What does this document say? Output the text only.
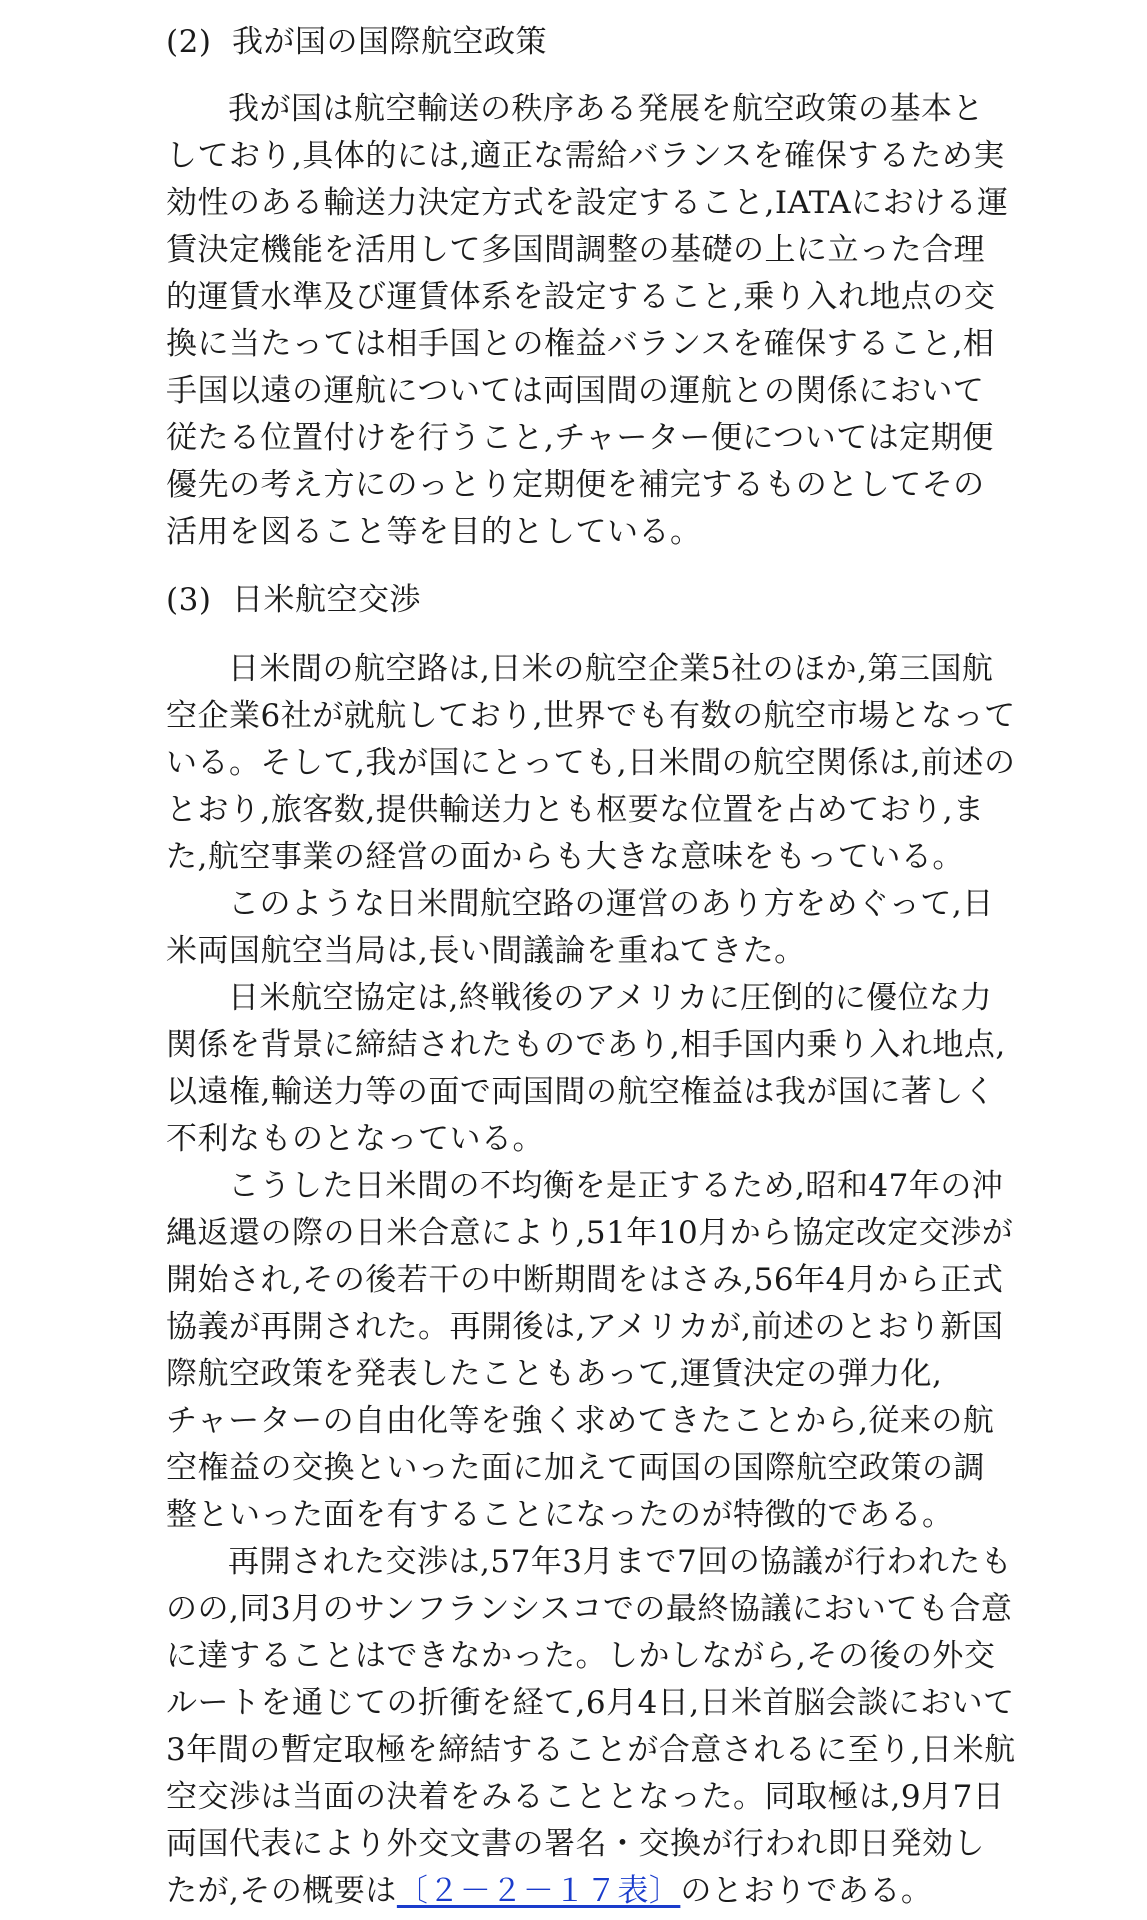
(2) 我が国の国際航空政策
我が国は航空輸送の秩序ある発展を航空政策の基本と
しており,具体的には,適正な需給バランスを確保するため実
効性のある輸送力決定方式を設定すること,IATAにおける運
賃決定機能を活用して多国間調整の基礎の上に立った合理
的運賃水準及び運賃体系を設定すること,乗り入れ地点の交
換に当たっては相手国との権益バランスを確保すること,相
手国以遠の運航については両国間の運航との関係において
従たる位置付けを行うこと,チャーター便については定期便
優先の考え方にのっとり定期便を補完するものとしてその
活用を図ること等を目的としている。
(3) 日米航空交渉
日米間の航空路は,日米の航空企業5社のほか,第三国航
空企業6社が就航しており,世界でも有数の航空市場となって
いる。そして,我が国にとっても,日米間の航空関係は,前述の
とおり,旅客数,提供輸送力とも枢要な位置を占めており,ま
た,航空事業の経営の面からも大きな意味をもっている。
このような日米間航空路の運営のあり方をめぐって,日
米両国航空当局は,長い間議論を重ねてきた。
日米航空協定は,終戦後のアメリカに圧倒的に優位な力
関係を背景に締結されたものであり,相手国内乗り入れ地点,
以遠権,輸送力等の面で両国間の航空権益は我が国に著しく
不利なものとなっている。
こうした日米間の不均衡を是正するため,昭和47年の沖
縄返還の際の日米合意により,51年10月から協定改定交渉が
開始され,その後若干の中断期間をはさみ,56年4月から正式
協義が再開された。再開後は,アメリカが,前述のとおり新国
際航空政策を発表したこともあって,運賃決定の弾力化,
チャーターの自由化等を強く求めてきたことから,従来の航
空権益の交換といった面に加えて両国の国際航空政策の調
整といった面を有することになったのが特徴的である。
再開された交渉は,57年3月まで7回の協議が行われたも
のの,同3月のサンフランシスコでの最終協議においても合意
に達することはできなかった。しかしながら,その後の外交
ルートを通じての折衝を経て,6月4日,日米首脳会談において
3年間の暫定取極を締結することが合意されるに至り,日米航
空交渉は当面の決着をみることとなった。同取極は,9月7日
両国代表により外交文書の署名・交換が行われ即日発効し
たが,その概要は〔２－２－１７表〕のとおりである。
